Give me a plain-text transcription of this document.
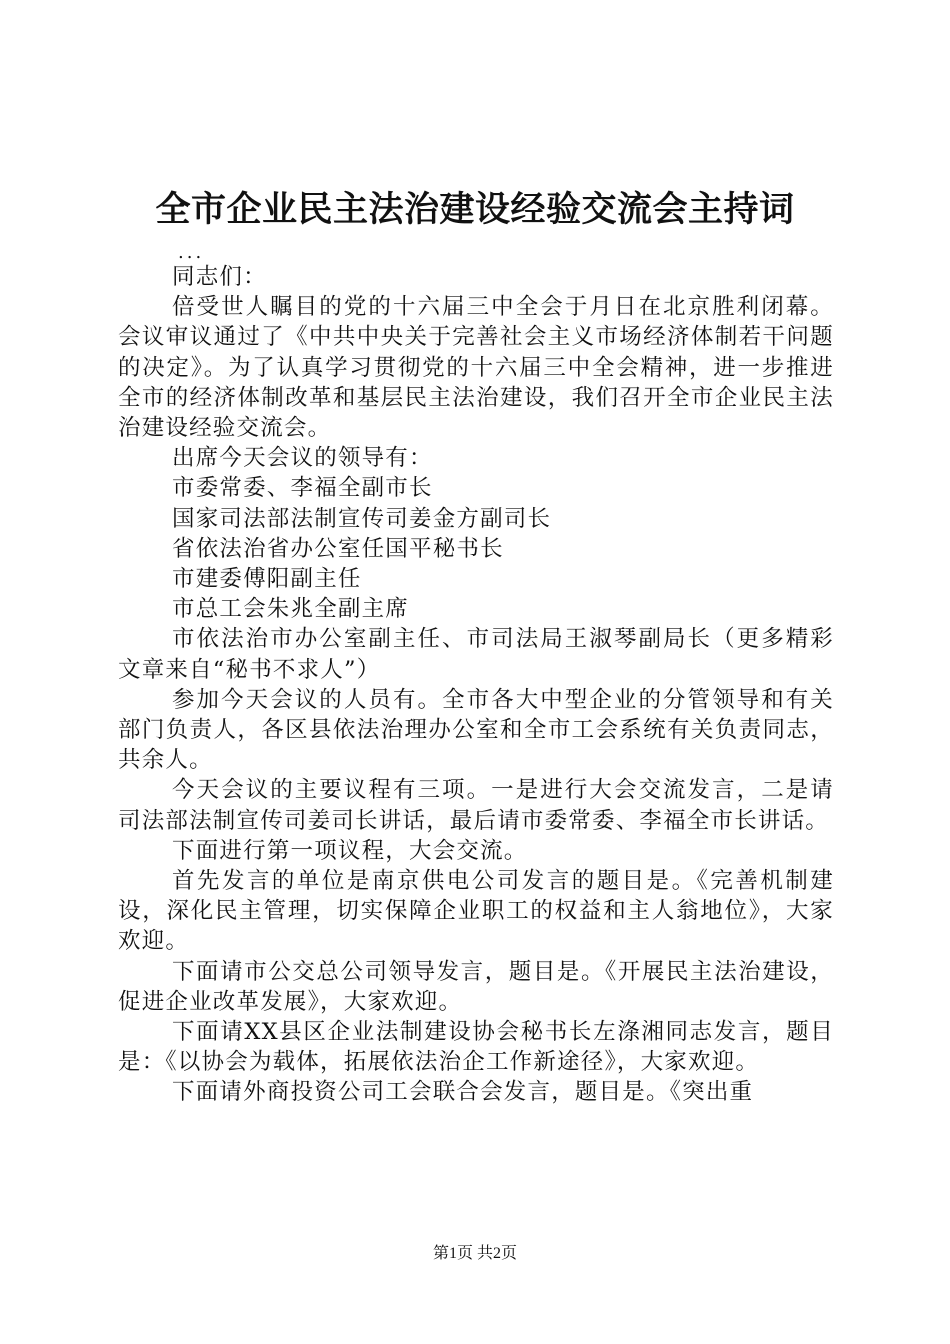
全市企业民主法治建设经验交流会主持词
...

同志们：

倍受世人瞩目的党的十六届三中全会于月日在北京胜利闭幕。会议审议通过了《中共中央关于完善社会主义市场经济体制若干问题的决定》。为了认真学习贯彻党的十六届三中全会精神，进一步推进全市的经济体制改革和基层民主法治建设，我们召开全市企业民主法治建设经验交流会。

出席今天会议的领导有：

市委常委、李福全副市长

国家司法部法制宣传司姜金方副司长

省依法治省办公室任国平秘书长

市建委傅阳副主任

市总工会朱兆全副主席

市依法治市办公室副主任、市司法局王淑琴副局长（更多精彩文章来自“秘书不求人”）

参加今天会议的人员有。全市各大中型企业的分管领导和有关部门负责人，各区县依法治理办公室和全市工会系统有关负责同志，共余人。

今天会议的主要议程有三项。一是进行大会交流发言，二是请司法部法制宣传司姜司长讲话，最后请市委常委、李福全市长讲话。

下面进行第一项议程，大会交流。

首先发言的单位是南京供电公司发言的题目是。《完善机制建设，深化民主管理，切实保障企业职工的权益和主人翁地位》，大家欢迎。

下面请市公交总公司领导发言，题目是。《开展民主法治建设，促进企业改革发展》，大家欢迎。

下面请XX县区企业法制建设协会秘书长左涤湘同志发言，题目是：《以协会为载体，拓展依法治企工作新途径》，大家欢迎。

下面请外商投资公司工会联合会发言，题目是。《突出重

第1页 共2页
